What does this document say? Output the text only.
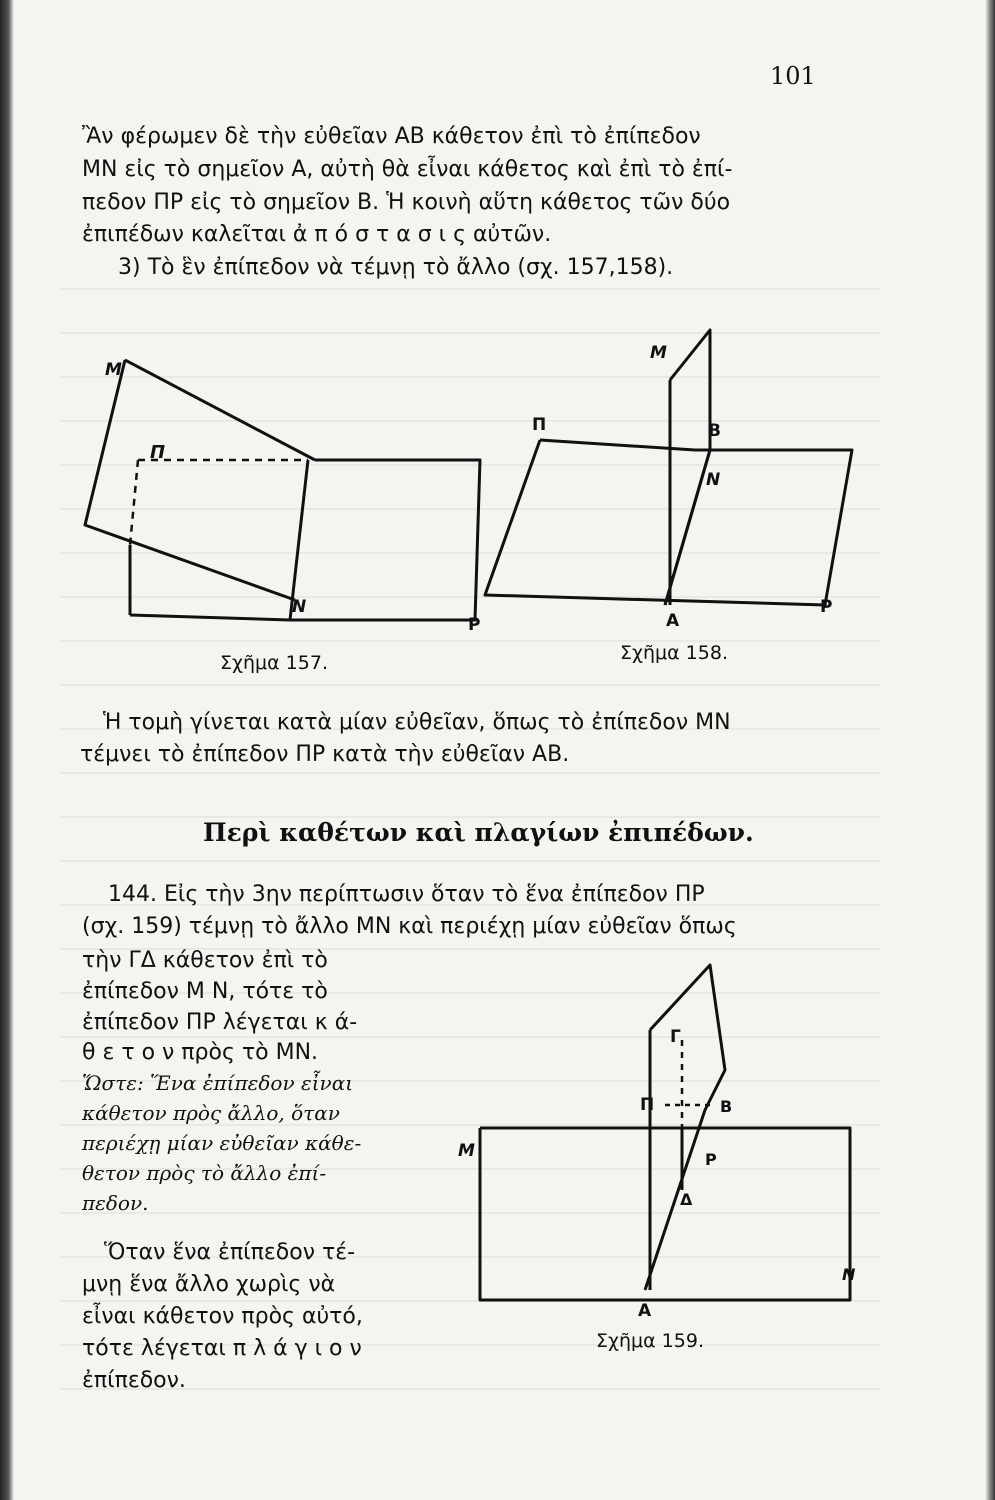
101
Ἂν φέρωμεν δὲ τὴν εὐθεῖαν AB κάθετον ἐπὶ τὸ ἐπίπεδον
MN εἰς τὸ σημεῖον A, αὐτὴ θὰ εἶναι κάθετος καὶ ἐπὶ τὸ ἐπί-
πεδον ΠΡ εἰς τὸ σημεῖον B. Ἡ κοινὴ αὕτη κάθετος τῶν δύο
ἐπιπέδων καλεῖται ἀ π ό σ τ α σ ι ς αὐτῶν.
3) Τὸ ἓν ἐπίπεδον νὰ τέμνῃ τὸ ἄλλο (σχ. 157,158).
M
Π
N
P
Σχῆμα 157.
M
Π	B
N
A
P
Σχῆμα 158.
Ἡ τομὴ γίνεται κατὰ μίαν εὐθεῖαν, ὅπως τὸ ἐπίπεδον MN
τέμνει τὸ ἐπίπεδον ΠΡ κατὰ τὴν εὐθεῖαν AB.
Περὶ καθέτων καὶ πλαγίων ἐπιπέδων.
144. Εἰς τὴν 3ην περίπτωσιν ὅταν τὸ ἕνα ἐπίπεδον ΠΡ
(σχ. 159) τέμνῃ τὸ ἄλλο MN καὶ περιέχῃ μίαν εὐθεῖαν ὅπως
τὴν ΓΔ κάθετον ἐπὶ τὸ
ἐπίπεδον M N, τότε τὸ
ἐπίπεδον ΠΡ λέγεται κ ά-
θ ε τ ο ν πρὸς τὸ MN.
Ὥστε: Ἕνα ἐπίπεδον εἶναι
κάθετον πρὸς ἄλλο, ὅταν
περιέχῃ μίαν εὐθεῖαν κάθε-
θετον πρὸς τὸ ἄλλο ἐπί-
πεδον.
Ὅταν ἕνα ἐπίπεδον τέ-
μνῃ ἕνα ἄλλο χωρὶς νὰ
εἶναι κάθετον πρὸς αὐτό,
τότε λέγεται π λ ά γ ι ο ν
ἐπίπεδον.
Γ
Π	B
M	P
Δ
A
N
Σχῆμα 159.
